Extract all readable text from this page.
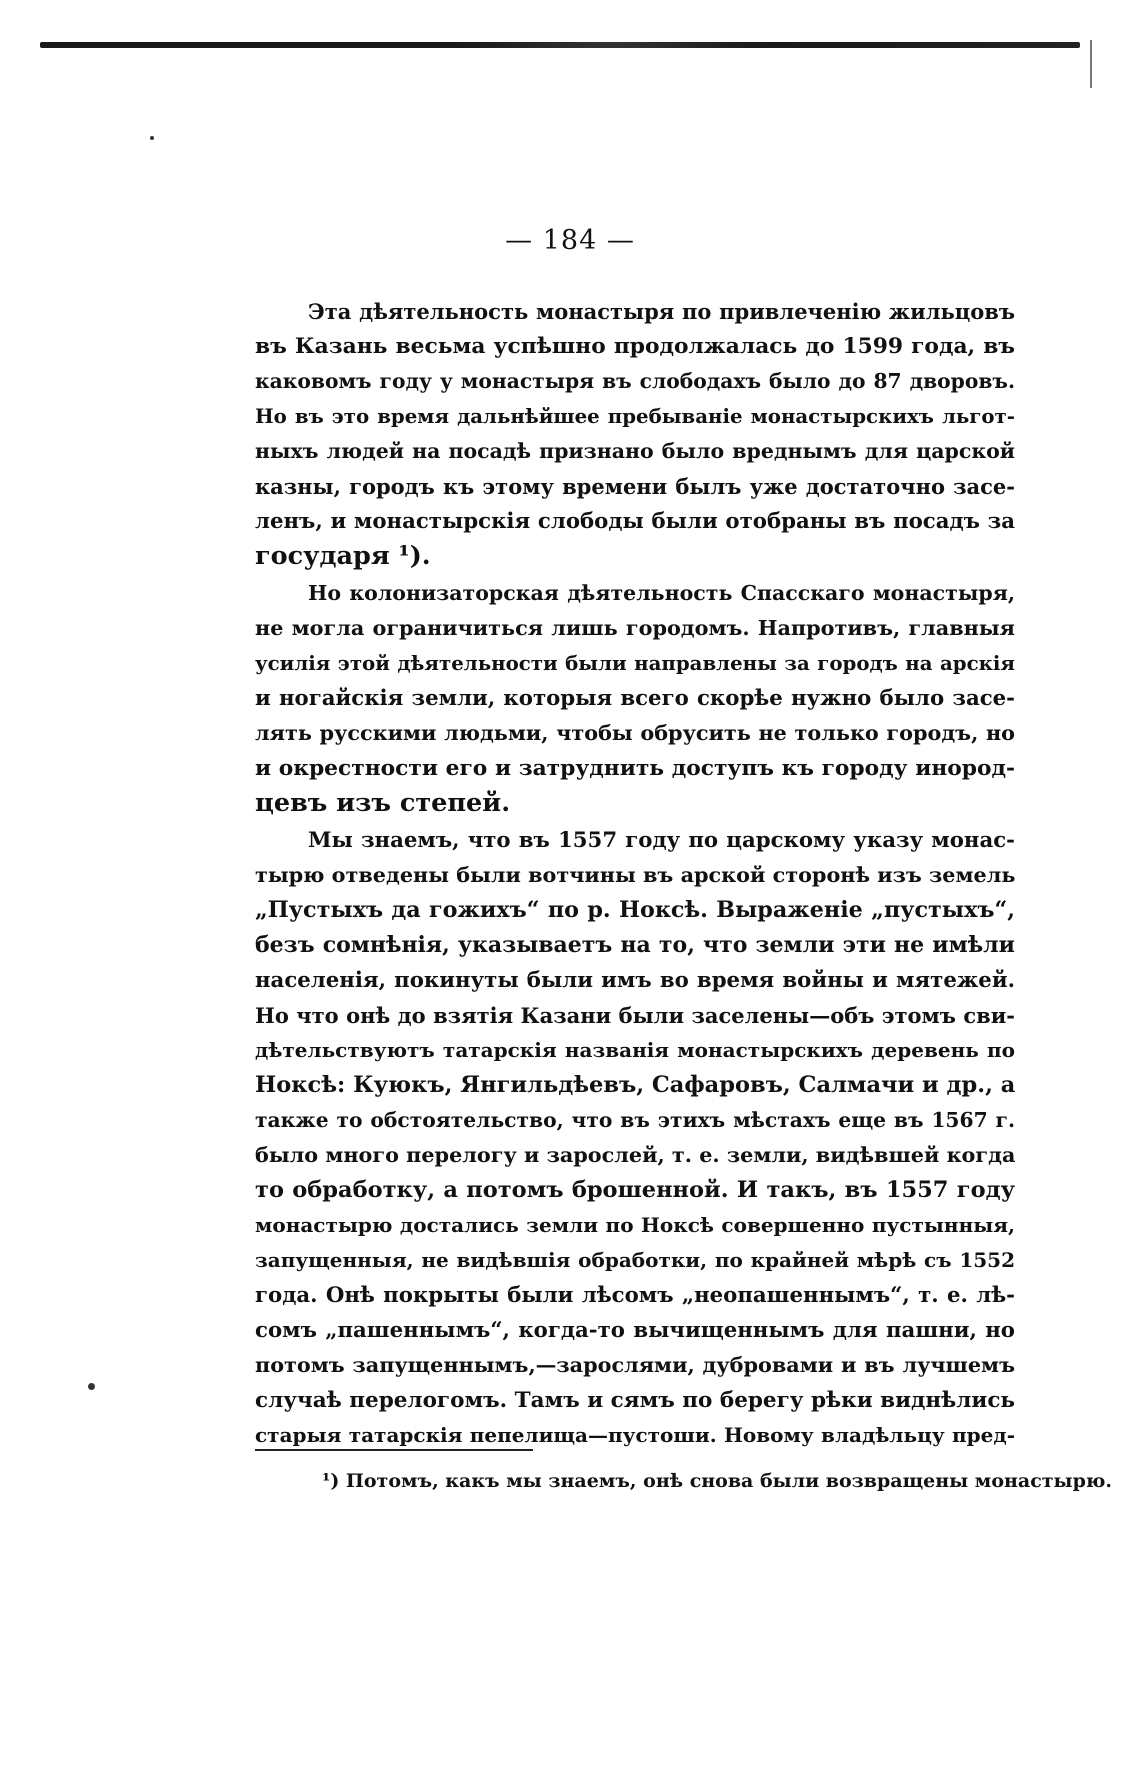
— 184 —
Эта дѣятельность монастыря по привлеченію жильцовъ
въ Казань весьма успѣшно продолжалась до 1599 года, въ
каковомъ году у монастыря въ слободахъ было до 87 дворовъ.
Но въ это время дальнѣйшее пребываніе монастырскихъ льгот-
ныхъ людей на посадѣ признано было вреднымъ для царской
казны, городъ къ этому времени былъ уже достаточно засе-
ленъ, и монастырскія слободы были отобраны въ посадъ за
государя ¹).
Но колонизаторская дѣятельность Спасскаго монастыря,
не могла ограничиться лишь городомъ. Напротивъ, главныя
усилія этой дѣятельности были направлены за городъ на арскія
и ногайскія земли, которыя всего скорѣе нужно было засе-
лять русскими людьми, чтобы обрусить не только городъ, но
и окрестности его и затруднить доступъ къ городу инород-
цевъ изъ степей.
Мы знаемъ, что въ 1557 году по царскому указу монас-
тырю отведены были вотчины въ арской сторонѣ изъ земель
„Пустыхъ да гожихъ“ по р. Ноксѣ. Выраженіе „пустыхъ“,
безъ сомнѣнія, указываетъ на то, что земли эти не имѣли
населенія, покинуты были имъ во время войны и мятежей.
Но что онѣ до взятія Казани были заселены—объ этомъ сви-
дѣтельствуютъ татарскія названія монастырскихъ деревень по
Ноксѣ: Куюкъ, Янгильдѣевъ, Сафаровъ, Салмачи и др., а
также то обстоятельство, что въ этихъ мѣстахъ еще въ 1567 г.
было много перелогу и зарослей, т. е. земли, видѣвшей когда
то обработку, а потомъ брошенной. И такъ, въ 1557 году
монастырю достались земли по Ноксѣ совершенно пустынныя,
запущенныя, не видѣвшія обработки, по крайней мѣрѣ съ 1552
года. Онѣ покрыты были лѣсомъ „неопашеннымъ“, т. е. лѣ-
сомъ „пашеннымъ“, когда-то вычищеннымъ для пашни, но
потомъ запущеннымъ,—зарослями, дубровами и въ лучшемъ
случаѣ перелогомъ. Тамъ и сямъ по берегу рѣки виднѣлись
старыя татарскія пепелища—пустоши. Новому владѣльцу пред-
¹) Потомъ, какъ мы знаемъ, онѣ снова были возвращены монастырю.
